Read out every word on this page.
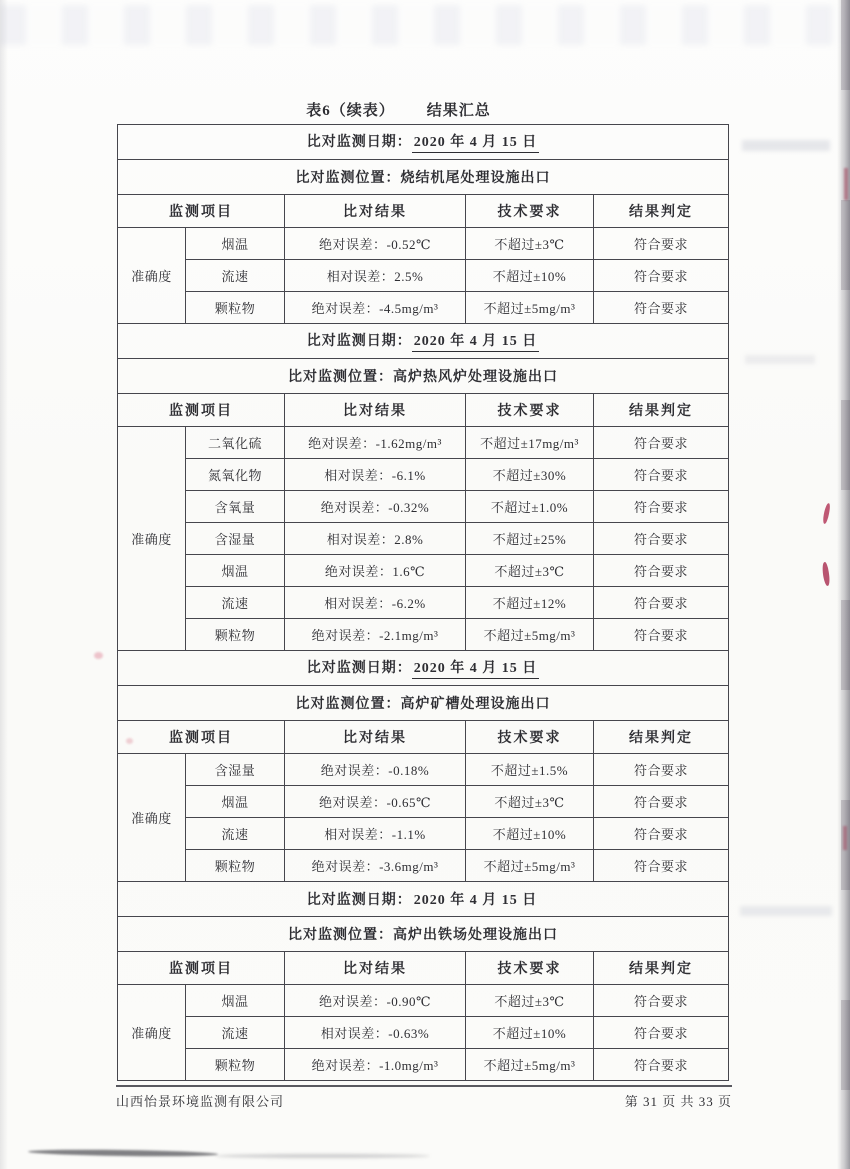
表6（续表） 结果汇总
比对监测日期： 2020 年 4 月 15 日				
比对监测位置：烧结机尾处理设施出口				
监测项目		比对结果	技术要求	结果判定
准确度	烟温	绝对误差：-0.52℃	不超过±3℃	符合要求
	流速	相对误差：2.5%	不超过±10%	符合要求
	颗粒物	绝对误差：-4.5mg/m³	不超过±5mg/m³	符合要求
比对监测日期： 2020 年 4 月 15 日				
比对监测位置：高炉热风炉处理设施出口				
监测项目		比对结果	技术要求	结果判定
准确度	二氧化硫	绝对误差：-1.62mg/m³	不超过±17mg/m³	符合要求
	氮氧化物	相对误差：-6.1%	不超过±30%	符合要求
	含氧量	绝对误差：-0.32%	不超过±1.0%	符合要求
	含湿量	相对误差：2.8%	不超过±25%	符合要求
	烟温	绝对误差：1.6℃	不超过±3℃	符合要求
	流速	相对误差：-6.2%	不超过±12%	符合要求
	颗粒物	绝对误差：-2.1mg/m³	不超过±5mg/m³	符合要求
比对监测日期： 2020 年 4 月 15 日				
比对监测位置：高炉矿槽处理设施出口				
监测项目		比对结果	技术要求	结果判定
准确度	含湿量	绝对误差：-0.18%	不超过±1.5%	符合要求
	烟温	绝对误差：-0.65℃	不超过±3℃	符合要求
	流速	相对误差：-1.1%	不超过±10%	符合要求
	颗粒物	绝对误差：-3.6mg/m³	不超过±5mg/m³	符合要求
比对监测日期： 2020 年 4 月 15 日				
比对监测位置：高炉出铁场处理设施出口				
监测项目		比对结果	技术要求	结果判定
准确度	烟温	绝对误差：-0.90℃	不超过±3℃	符合要求
	流速	相对误差：-0.63%	不超过±10%	符合要求
	颗粒物	绝对误差：-1.0mg/m³	不超过±5mg/m³	符合要求
山西怡景环境监测有限公司	第 31 页 共 33 页
